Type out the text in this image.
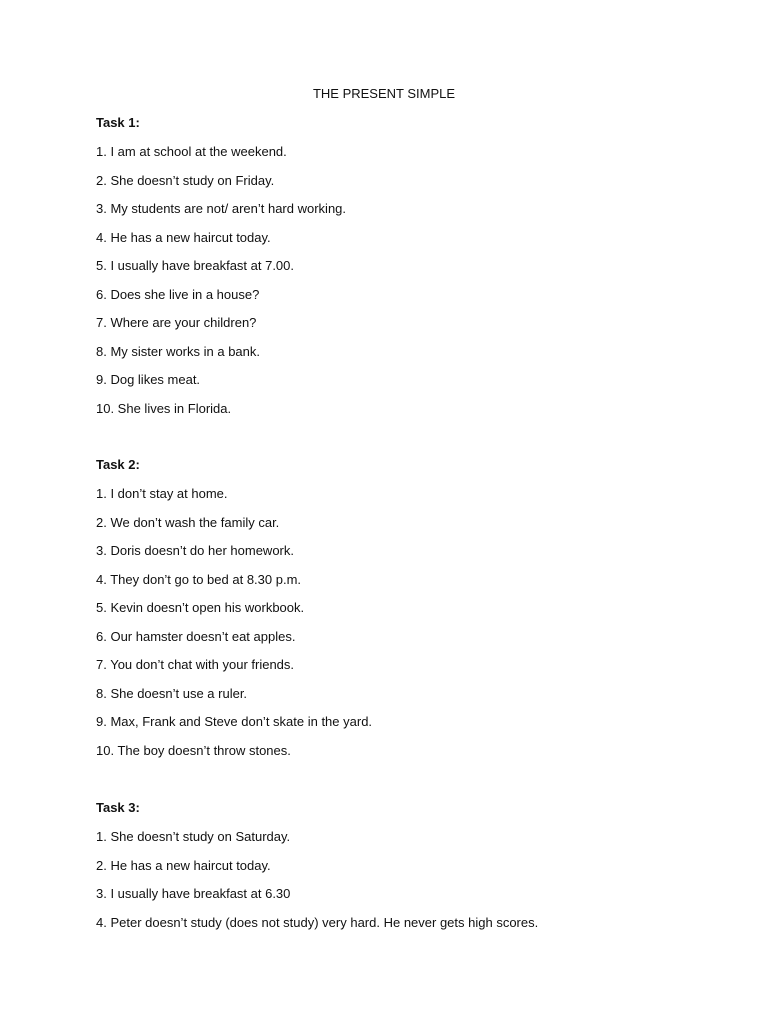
THE PRESENT SIMPLE
Task 1:
1. I am at school at the weekend.
2. She doesn’t study on Friday.
3. My students are not/ aren’t hard working.
4. He has a new haircut today.
5. I usually have breakfast at 7.00.
6. Does she live in a house?
7. Where are your children?
8. My sister works in a bank.
9. Dog likes meat.
10. She lives in Florida.
Task 2:
1. I don’t stay at home.
2. We don’t wash the family car.
3. Doris doesn’t do her homework.
4. They don’t go to bed at 8.30 p.m.
5. Kevin doesn’t open his workbook.
6. Our hamster doesn’t eat apples.
7. You don’t chat with your friends.
8. She doesn’t use a ruler.
9. Max, Frank and Steve don’t skate in the yard.
10. The boy doesn’t throw stones.
Task 3:
1. She doesn’t study on Saturday.
2. He has a new haircut today.
3. I usually have breakfast at 6.30
4. Peter doesn’t study (does not study) very hard. He never gets high scores.
